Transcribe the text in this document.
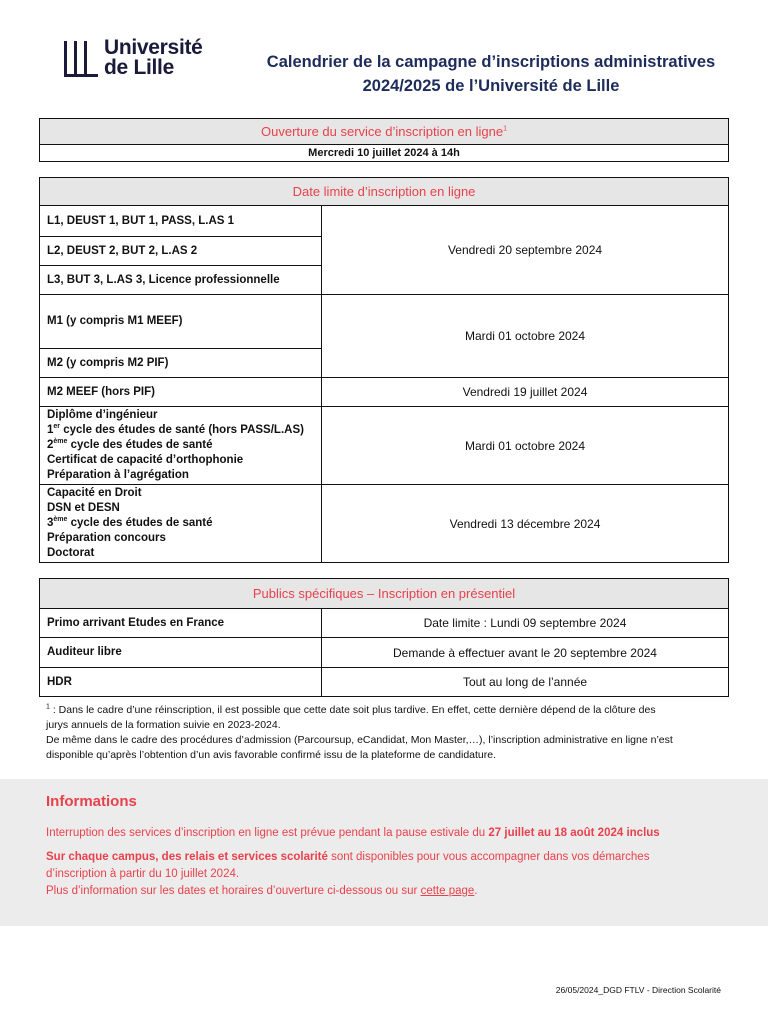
Université
de Lille	Calendrier de la campagne d’inscriptions administratives
2024/2025 de l’Université de Lille
Ouverture du service d’inscription en ligne$^1$
Mercredi 10 juillet 2024 à 14h
Date limite d’inscription en ligne	
L1, DEUST 1, BUT 1, PASS, L.AS 1	Vendredi 20 septembre 2024
L2, DEUST 2, BUT 2, L.AS 2	
L3, BUT 3, L.AS 3, Licence professionnelle	
M1 (y compris M1 MEEF)	Mardi 01 octobre 2024
M2 (y compris M2 PIF)	
M2 MEEF (hors PIF)	Vendredi 19 juillet 2024

Diplôme d’ingénieur
1er cycle des études de santé (hors PASS/L.AS)
2ème cycle des études de santé
Certificat de capacité d’orthophonie
Préparation à l’agrégation	Mardi 01 octobre 2024

Capacité en Droit
DSN et DESN
3ème cycle des études de santé
Préparation concours
Doctorat	Vendredi 13 décembre 2024
Publics spécifiques – Inscription en présentiel	
Primo arrivant Etudes en France	Date limite : Lundi 09 septembre 2024
Auditeur libre	Demande à effectuer avant le 20 septembre 2024
HDR	Tout au long de l’année
$^1$ : Dans le cadre d’une réinscription, il est possible que cette date soit plus tardive. En effet, cette dernière dépend de la clôture des
jurys annuels de la formation suivie en 2023-2024.
De même dans le cadre des procédures d’admission (Parcoursup, eCandidat, Mon Master,…), l’inscription administrative en ligne n’est
disponible qu’après l’obtention d’un avis favorable confirmé issu de la plateforme de candidature.
Informations

Interruption des services d’inscription en ligne est prévue pendant la pause estivale du 27 juillet au 18 août 2024 inclus

Sur chaque campus, des relais et services scolarité sont disponibles pour vous accompagner dans vos démarches

d’inscription à partir du 10 juillet 2024.

Plus d’information sur les dates et horaires d’ouverture ci-dessous ou sur cette page.

26/05/2024_DGD FTLV - Direction Scolarité
